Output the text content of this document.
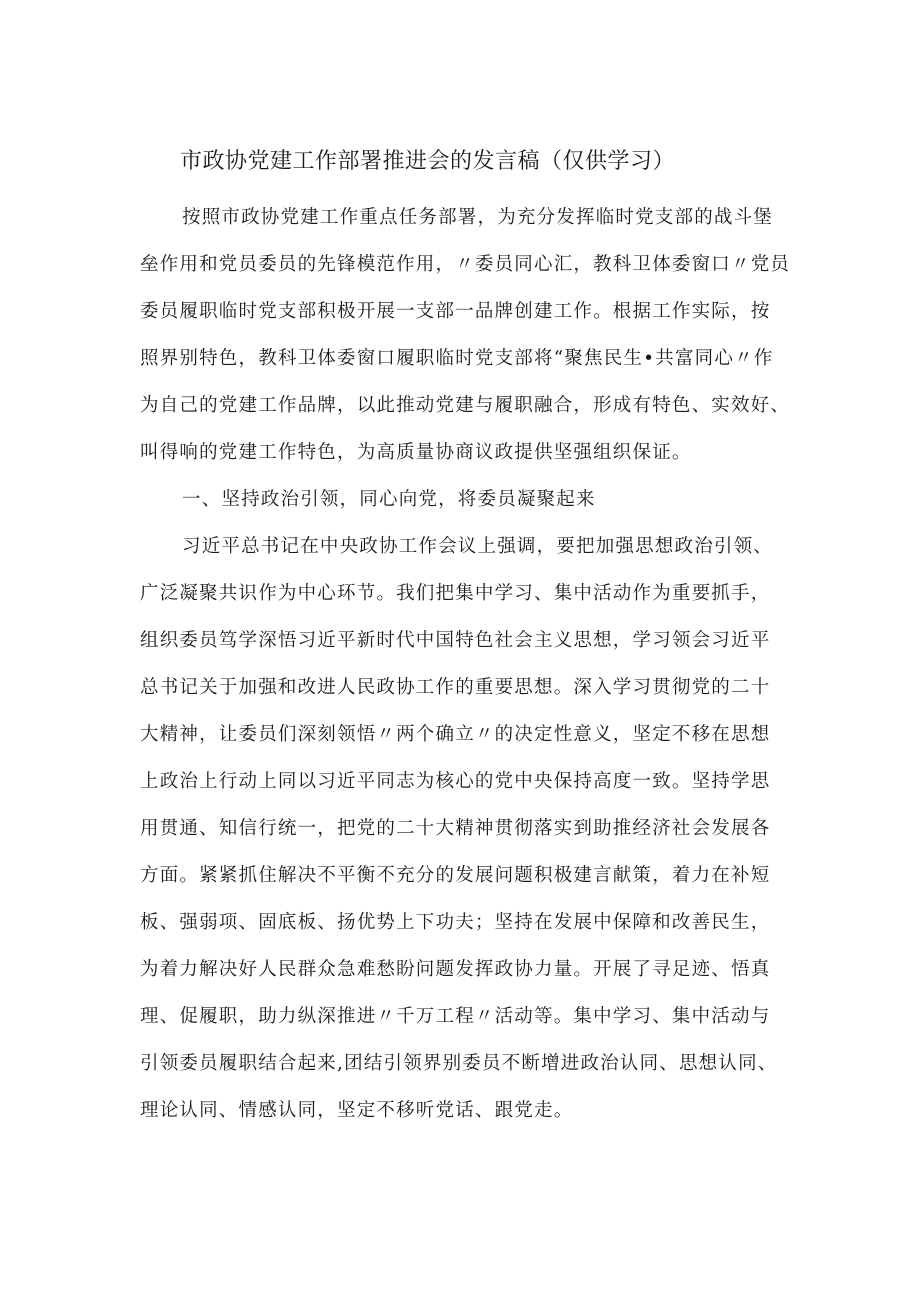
市政协党建工作部署推进会的发言稿（仅供学习）
按照市政协党建工作重点任务部署，为充分发挥临时党支部的战斗堡
垒作用和党员委员的先锋模范作用，〃委员同心汇，教科卫体委窗口〃党员
委员履职临时党支部积极开展一支部一品牌创建工作。根据工作实际，按
照界别特色，教科卫体委窗口履职临时党支部将“聚焦民生•共富同心〃作
为自己的党建工作品牌，以此推动党建与履职融合，形成有特色、实效好、
叫得响的党建工作特色，为高质量协商议政提供坚强组织保证。
一、坚持政治引领，同心向党，将委员凝聚起来
习近平总书记在中央政协工作会议上强调，要把加强思想政治引领、
广泛凝聚共识作为中心环节。我们把集中学习、集中活动作为重要抓手，
组织委员笃学深悟习近平新时代中国特色社会主义思想，学习领会习近平
总书记关于加强和改进人民政协工作的重要思想。深入学习贯彻党的二十
大精神，让委员们深刻领悟〃两个确立〃的决定性意义，坚定不移在思想
上政治上行动上同以习近平同志为核心的党中央保持高度一致。坚持学思
用贯通、知信行统一，把党的二十大精神贯彻落实到助推经济社会发展各
方面。紧紧抓住解决不平衡不充分的发展问题积极建言献策，着力在补短
板、强弱项、固底板、扬优势上下功夫；坚持在发展中保障和改善民生，
为着力解决好人民群众急难愁盼问题发挥政协力量。开展了寻足迹、悟真
理、促履职，助力纵深推进〃千万工程〃活动等。集中学习、集中活动与
引领委员履职结合起来,团结引领界别委员不断增进政治认同、思想认同、
理论认同、情感认同，坚定不移听党话、跟党走。
